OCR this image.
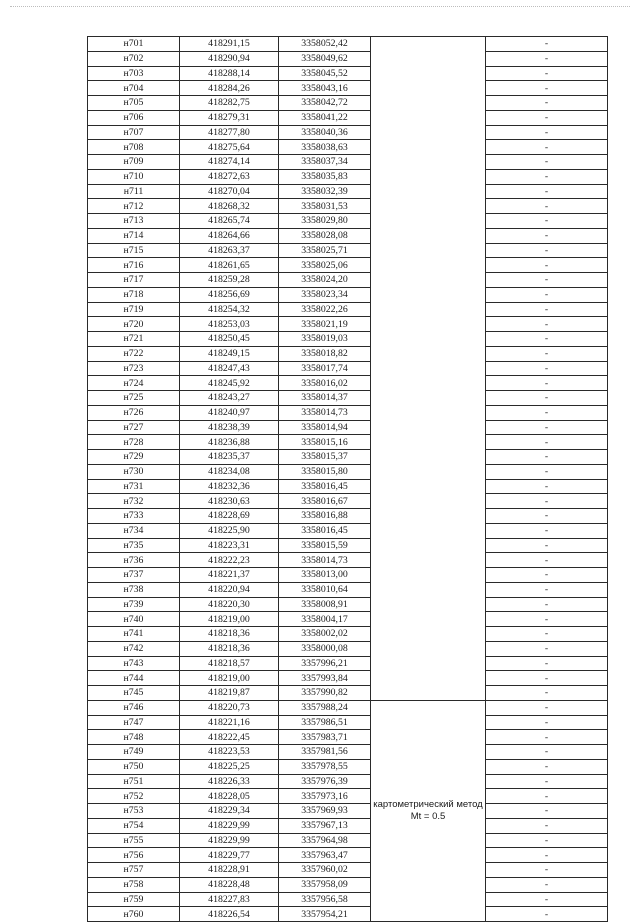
н701	418291,15	3358052,42		-
н702	418290,94	3358049,62		-
н703	418288,14	3358045,52		-
н704	418284,26	3358043,16		-
н705	418282,75	3358042,72		-
н706	418279,31	3358041,22		-
н707	418277,80	3358040,36		-
н708	418275,64	3358038,63		-
н709	418274,14	3358037,34		-
н710	418272,63	3358035,83		-
н711	418270,04	3358032,39		-
н712	418268,32	3358031,53		-
н713	418265,74	3358029,80		-
н714	418264,66	3358028,08		-
н715	418263,37	3358025,71		-
н716	418261,65	3358025,06		-
н717	418259,28	3358024,20		-
н718	418256,69	3358023,34		-
н719	418254,32	3358022,26		-
н720	418253,03	3358021,19		-
н721	418250,45	3358019,03		-
н722	418249,15	3358018,82		-
н723	418247,43	3358017,74		-
н724	418245,92	3358016,02		-
н725	418243,27	3358014,37		-
н726	418240,97	3358014,73		-
н727	418238,39	3358014,94		-
н728	418236,88	3358015,16		-
н729	418235,37	3358015,37		-
н730	418234,08	3358015,80		-
н731	418232,36	3358016,45		-
н732	418230,63	3358016,67		-
н733	418228,69	3358016,88		-
н734	418225,90	3358016,45		-
н735	418223,31	3358015,59		-
н736	418222,23	3358014,73		-
н737	418221,37	3358013,00		-
н738	418220,94	3358010,64		-
н739	418220,30	3358008,91		-
н740	418219,00	3358004,17		-
н741	418218,36	3358002,02		-
н742	418218,36	3358000,08		-
н743	418218,57	3357996,21		-
н744	418219,00	3357993,84		-
н745	418219,87	3357990,82		-
н746	418220,73	3357988,24	картометрический метод Mt = 0.5	-
н747	418221,16	3357986,51		-
н748	418222,45	3357983,71		-
н749	418223,53	3357981,56		-
н750	418225,25	3357978,55		-
н751	418226,33	3357976,39		-
н752	418228,05	3357973,16		-
н753	418229,34	3357969,93		-
н754	418229,99	3357967,13		-
н755	418229,99	3357964,98		-
н756	418229,77	3357963,47		-
н757	418228,91	3357960,02		-
н758	418228,48	3357958,09		-
н759	418227,83	3357956,58		-
н760	418226,54	3357954,21		-
